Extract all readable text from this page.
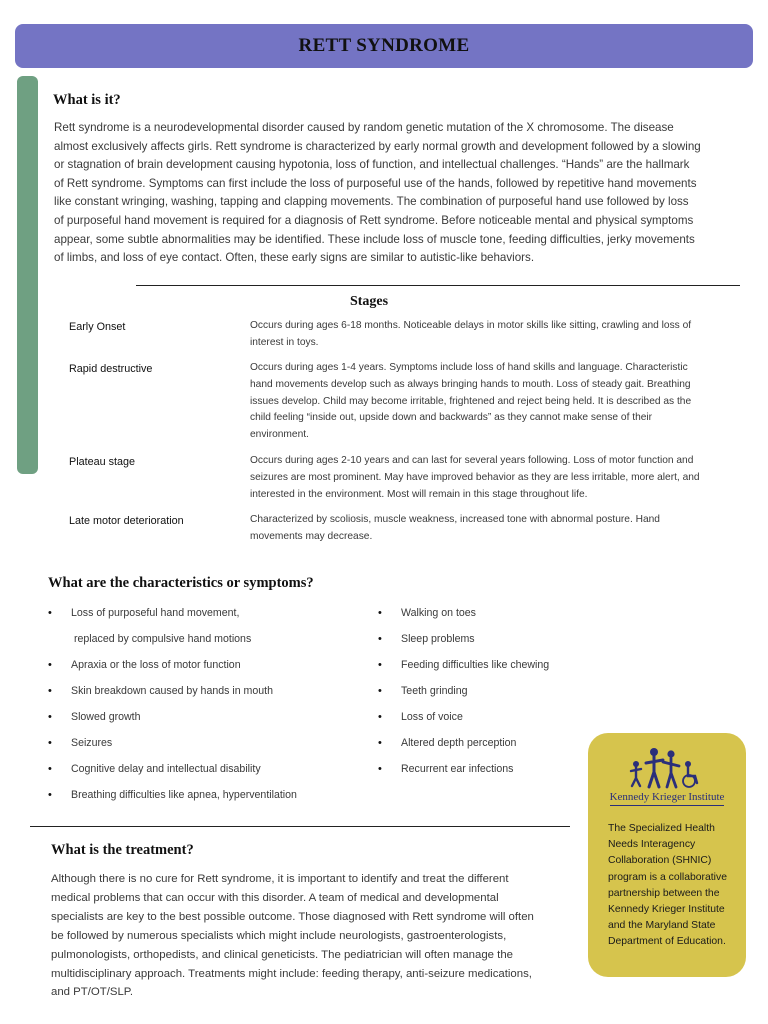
RETT SYNDROME
What is it?
Rett syndrome is a neurodevelopmental disorder caused by random genetic mutation of the X chromosome. The disease
almost exclusively affects girls. Rett syndrome is characterized by early normal growth and development followed by a slowing
or stagnation of brain development causing hypotonia, loss of function, and intellectual challenges. “Hands” are the hallmark
of Rett syndrome. Symptoms can first include the loss of purposeful use of the hands, followed by repetitive hand movements
like constant wringing, washing, tapping and clapping movements. The combination of purposeful hand use followed by loss
of purposeful hand movement is required for a diagnosis of Rett syndrome. Before noticeable mental and physical symptoms
appear, some subtle abnormalities may be identified. These include loss of muscle tone, feeding difficulties, jerky movements
of limbs, and loss of eye contact. Often, these early signs are similar to autistic-like behaviors.
Stages
Early Onset	Occurs during ages 6-18 months. Noticeable delays in motor skills like sitting, crawling and loss of
interest in toys.
Rapid destructive	Occurs during ages 1-4 years. Symptoms include loss of hand skills and language. Characteristic
hand movements develop such as always bringing hands to mouth. Loss of steady gait. Breathing
issues develop. Child may become irritable, frightened and reject being held. It is described as the
child feeling “inside out, upside down and backwards” as they cannot make sense of their
environment.
Plateau stage	Occurs during ages 2-10 years and can last for several years following. Loss of motor function and
seizures are most prominent. May have improved behavior as they are less irritable, more alert, and
interested in the environment. Most will remain in this stage throughout life.
Late motor deterioration	Characterized by scoliosis, muscle weakness, increased tone with abnormal posture. Hand
movements may decrease.
What are the characteristics or symptoms?
• Loss of purposeful hand movement,
replaced by compulsive hand motions
• Apraxia or the loss of motor function
• Skin breakdown caused by hands in mouth
• Slowed growth
• Seizures
• Cognitive delay and intellectual disability
• Breathing difficulties like apnea, hyperventilation
• Walking on toes
• Sleep problems
• Feeding difficulties like chewing
• Teeth grinding
• Loss of voice
• Altered depth perception
• Recurrent ear infections
What is the treatment?
Although there is no cure for Rett syndrome, it is important to identify and treat the different
medical problems that can occur with this disorder. A team of medical and developmental
specialists are key to the best possible outcome. Those diagnosed with Rett syndrome will often
be followed by numerous specialists which might include neurologists, gastroenterologists,
pulmonologists, orthopedists, and clinical geneticists. The pediatrician will often manage the
multidisciplinary approach. Treatments might include: feeding therapy, anti-seizure medications,
and PT/OT/SLP.
Kennedy Krieger Institute
The Specialized Health
Needs Interagency
Collaboration (SHNIC)
program is a collaborative
partnership between the
Kennedy Krieger Institute
and the Maryland State
Department of Education.
